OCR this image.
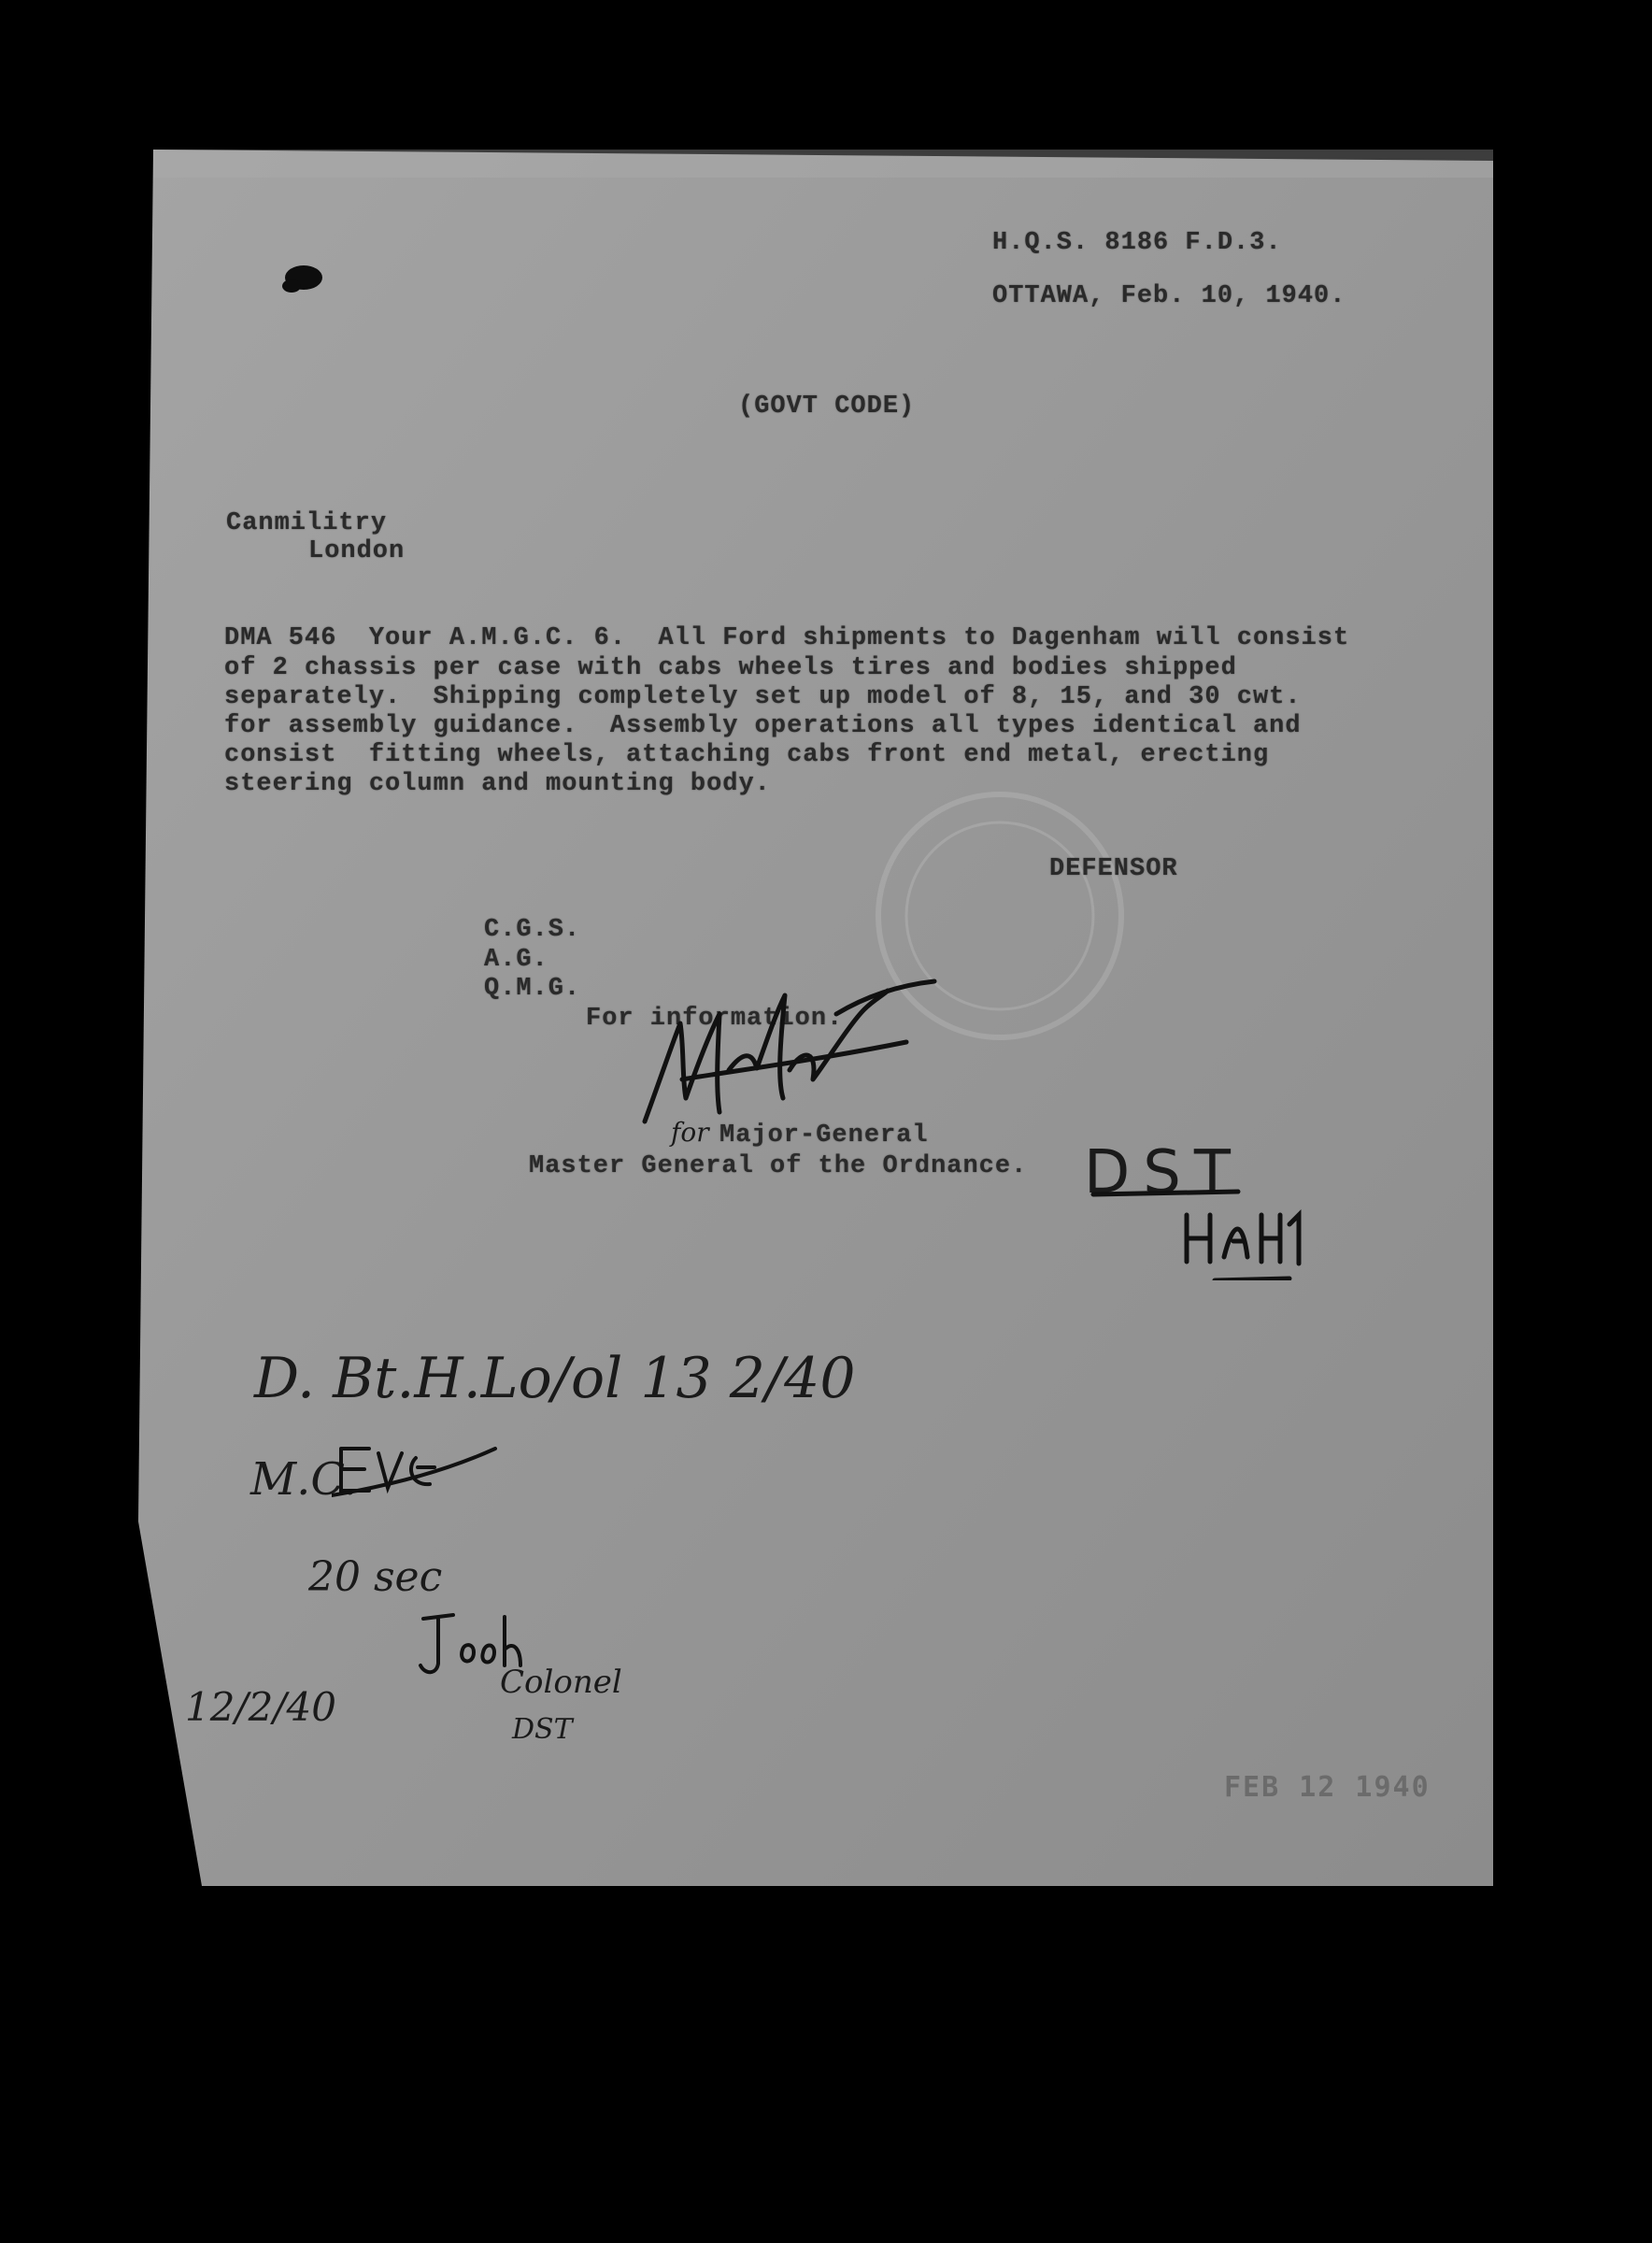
H.Q.S. 8186 F.D.3.
OTTAWA, Feb. 10, 1940.
(GOVT CODE)
Canmilitry
London
DMA 546  Your A.M.G.C. 6.  All Ford shipments to Dagenham will consist
of 2 chassis per case with cabs wheels tires and bodies shipped
separately.  Shipping completely set up model of 8, 15, and 30 cwt.
for assembly guidance.  Assembly operations all types identical and
consist  fitting wheels, attaching cabs front end metal, erecting
steering column and mounting body.
DEFENSOR
C.G.S.
A.G.
Q.M.G.
For information.
for Major-General
Master General of the Ordnance. DST
D. Bt.H.Lo/ol 13 2/40
M.C.
20 sec
Colonel
DST
12/2/40
FEB 12 1940
